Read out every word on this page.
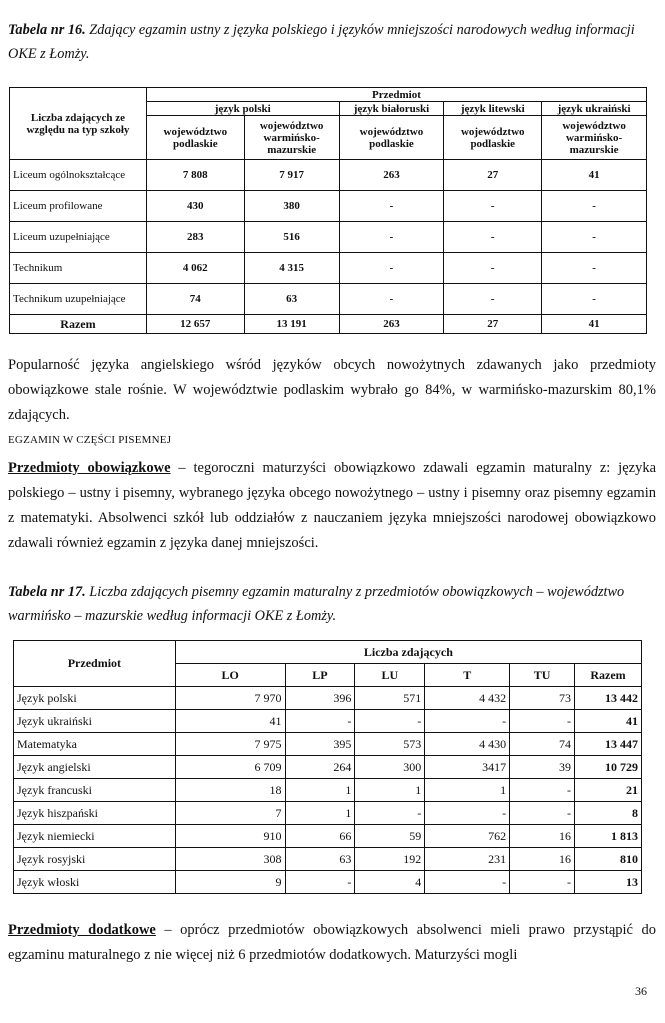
Tabela nr 16. Zdający egzamin ustny z języka polskiego i języków mniejszości narodowych według informacji OKE z Łomży.
Liczba zdających ze względu na typ szkoły	Przedmiot				
	język polski		język białoruski	język litewski	język ukraiński
	województwo podlaskie	województwo warmińsko-mazurskie	województwo podlaskie	województwo podlaskie	województwo warmińsko-mazurskie
Liceum ogólnokształcące	7 808	7 917	263	27	41
Liceum profilowane	430	380	-	-	-
Liceum uzupełniające	283	516	-	-	-
Technikum	4 062	4 315	-	-	-
Technikum uzupełniające	74	63	-	-	-
Razem	12 657	13 191	263	27	41
Popularność języka angielskiego wśród języków obcych nowożytnych zdawanych jako przedmioty obowiązkowe stale rośnie. W województwie podlaskim wybrało go 84%, w warmińsko-mazurskim 80,1% zdających.
EGZAMIN W CZĘŚCI PISEMNEJ
Przedmioty obowiązkowe – tegoroczni maturzyści obowiązkowo zdawali egzamin maturalny z: języka polskiego – ustny i pisemny, wybranego języka obcego nowożytnego – ustny i pisemny oraz pisemny egzamin z matematyki. Absolwenci szkół lub oddziałów z nauczaniem języka mniejszości narodowej obowiązkowo zdawali również egzamin z języka danej mniejszości.
Tabela nr 17. Liczba zdających pisemny egzamin maturalny z przedmiotów obowiązkowych – województwo warmińsko – mazurskie według informacji OKE z Łomży.
Przedmiot	Liczba zdających					
	LO	LP	LU	T	TU	Razem
Język polski	7 970	396	571	4 432	73	13 442
Język ukraiński	41	-	-	-	-	41
Matematyka	7 975	395	573	4 430	74	13 447
Język angielski	6 709	264	300	3417	39	10 729
Język francuski	18	1	1	1	-	21
Język hiszpański	7	1	-	-	-	8
Język niemiecki	910	66	59	762	16	1 813
Język rosyjski	308	63	192	231	16	810
Język włoski	9	-	4	-	-	13
Przedmioty dodatkowe – oprócz przedmiotów obowiązkowych absolwenci mieli prawo przystąpić do egzaminu maturalnego z nie więcej niż 6 przedmiotów dodatkowych. Maturzyści mogli
36
